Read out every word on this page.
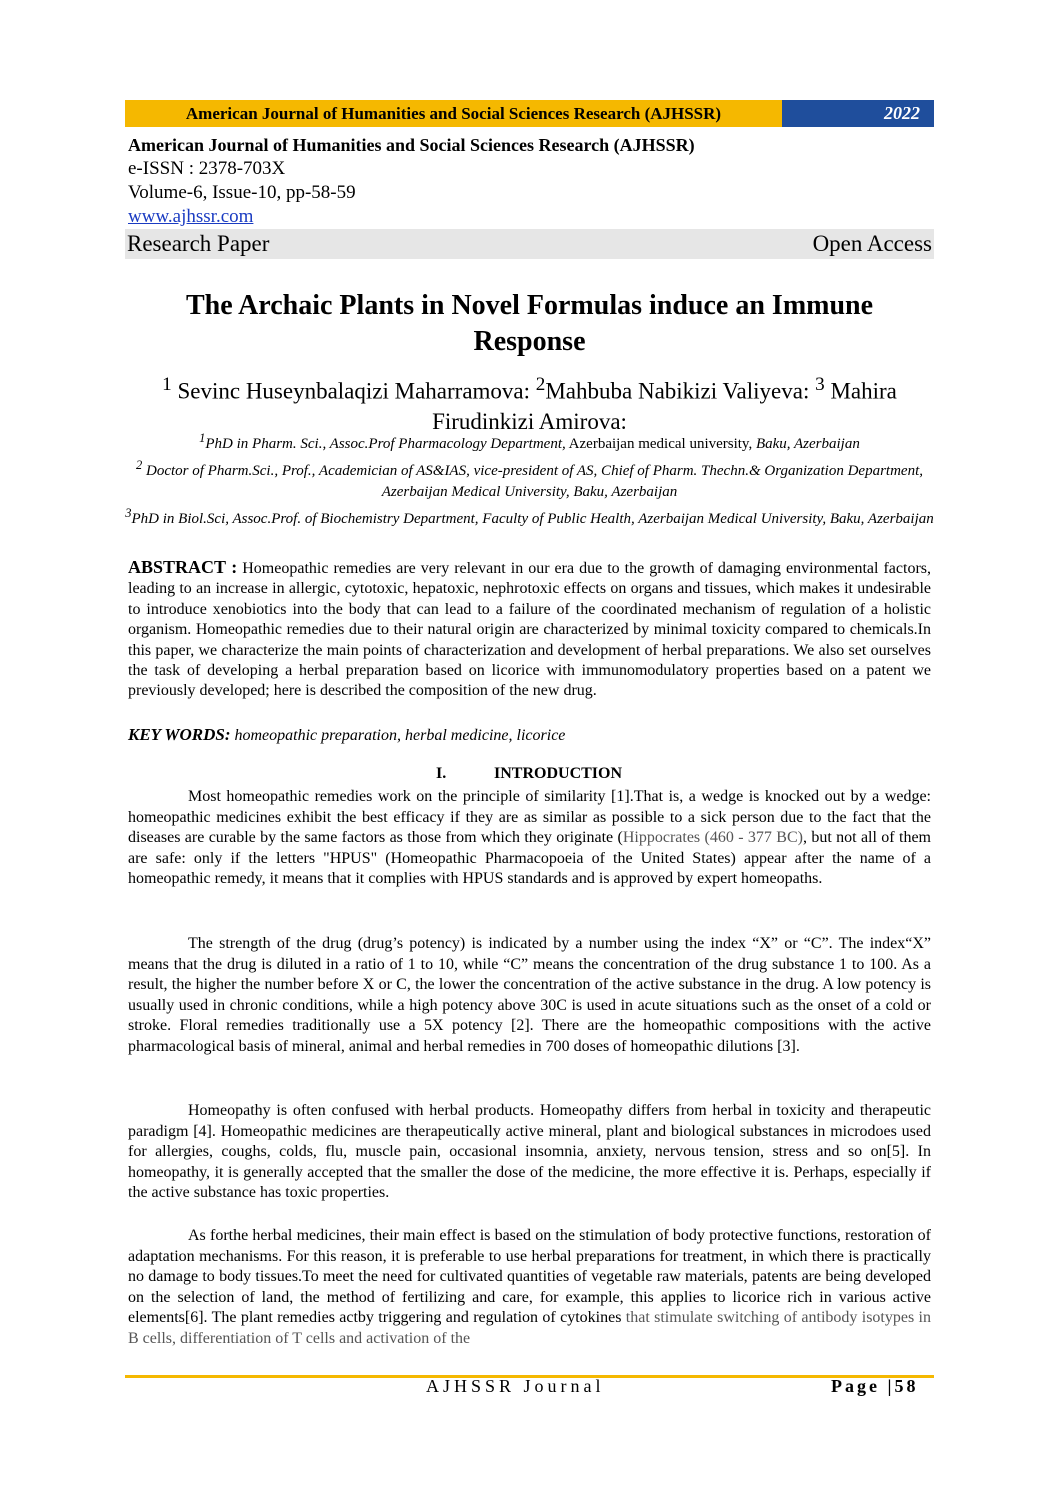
American Journal of Humanities and Social Sciences Research (AJHSSR)	2022
American Journal of Humanities and Social Sciences Research (AJHSSR)
e-ISSN : 2378-703X
Volume-6, Issue-10, pp-58-59
www.ajhssr.com
Research Paper	Open Access
The Archaic Plants in Novel Formulas induce an Immune
Response
$^1$ Sevinc Huseynbalaqizi Maharramova: $^2$Mahbuba Nabikizi Valiyeva: $^3$ Mahira Firudinkizi Amirova:
$^1$PhD in Pharm. Sci., Assoc.Prof Pharmacology Department, Azerbaijan medical university, Baku, Azerbaijan
$^2$ Doctor of Pharm.Sci., Prof., Academician of AS&IAS, vice-president of AS, Chief of Pharm. Thechn.& Organization Department, Azerbaijan Medical University, Baku, Azerbaijan
$^3$PhD in Biol.Sci, Assoc.Prof. of Biochemistry Department, Faculty of Public Health, Azerbaijan Medical University, Baku, Azerbaijan
ABSTRACT : Homeopathic remedies are very relevant in our era due to the growth of damaging environmental factors, leading to an increase in allergic, cytotoxic, hepatoxic, nephrotoxic effects on organs and tissues, which makes it undesirable to introduce xenobiotics into the body that can lead to a failure of the coordinated mechanism of regulation of a holistic organism. Homeopathic remedies due to their natural origin are characterized by minimal toxicity compared to chemicals.In this paper, we characterize the main points of characterization and development of herbal preparations. We also set ourselves the task of developing a herbal preparation based on licorice with immunomodulatory properties based on a patent we previously developed; here is described the composition of the new drug.
KEY WORDS: homeopathic preparation, herbal medicine, licorice
I.	INTRODUCTION
Most homeopathic remedies work on the principle of similarity [1].That is, a wedge is knocked out by a wedge: homeopathic medicines exhibit the best efficacy if they are as similar as possible to a sick person due to the fact that the diseases are curable by the same factors as those from which they originate (Hippocrates (460 - 377 BC), but not all of them are safe: only if the letters "HPUS" (Homeopathic Pharmacopoeia of the United States) appear after the name of a homeopathic remedy, it means that it complies with HPUS standards and is approved by expert homeopaths.
The strength of the drug (drug’s potency) is indicated by a number using the index “X” or “C”. The index“X” means that the drug is diluted in a ratio of 1 to 10, while “C” means the concentration of the drug substance 1 to 100. As a result, the higher the number before X or C, the lower the concentration of the active substance in the drug. A low potency is usually used in chronic conditions, while a high potency above 30C is used in acute situations such as the onset of a cold or stroke. Floral remedies traditionally use a 5X potency [2]. There are the homeopathic compositions with the active pharmacological basis of mineral, animal and herbal remedies in 700 doses of homeopathic dilutions [3].
Homeopathy is often confused with herbal products. Homeopathy differs from herbal in toxicity and therapeutic paradigm [4]. Homeopathic medicines are therapeutically active mineral, plant and biological substances in microdoes used for allergies, coughs, colds, flu, muscle pain, occasional insomnia, anxiety, nervous tension, stress and so on[5]. In homeopathy, it is generally accepted that the smaller the dose of the medicine, the more effective it is. Perhaps, especially if the active substance has toxic properties.
As forthe herbal medicines, their main effect is based on the stimulation of body protective functions, restoration of adaptation mechanisms. For this reason, it is preferable to use herbal preparations for treatment, in which there is practically no damage to body tissues.To meet the need for cultivated quantities of vegetable raw materials, patents are being developed on the selection of land, the method of fertilizing and care, for example, this applies to licorice rich in various active elements[6]. The plant remedies actby triggering and regulation of cytokines that stimulate switching of antibody isotypes in B cells, differentiation of T cells and activation of the
AJHSSR Journal	Page |58
